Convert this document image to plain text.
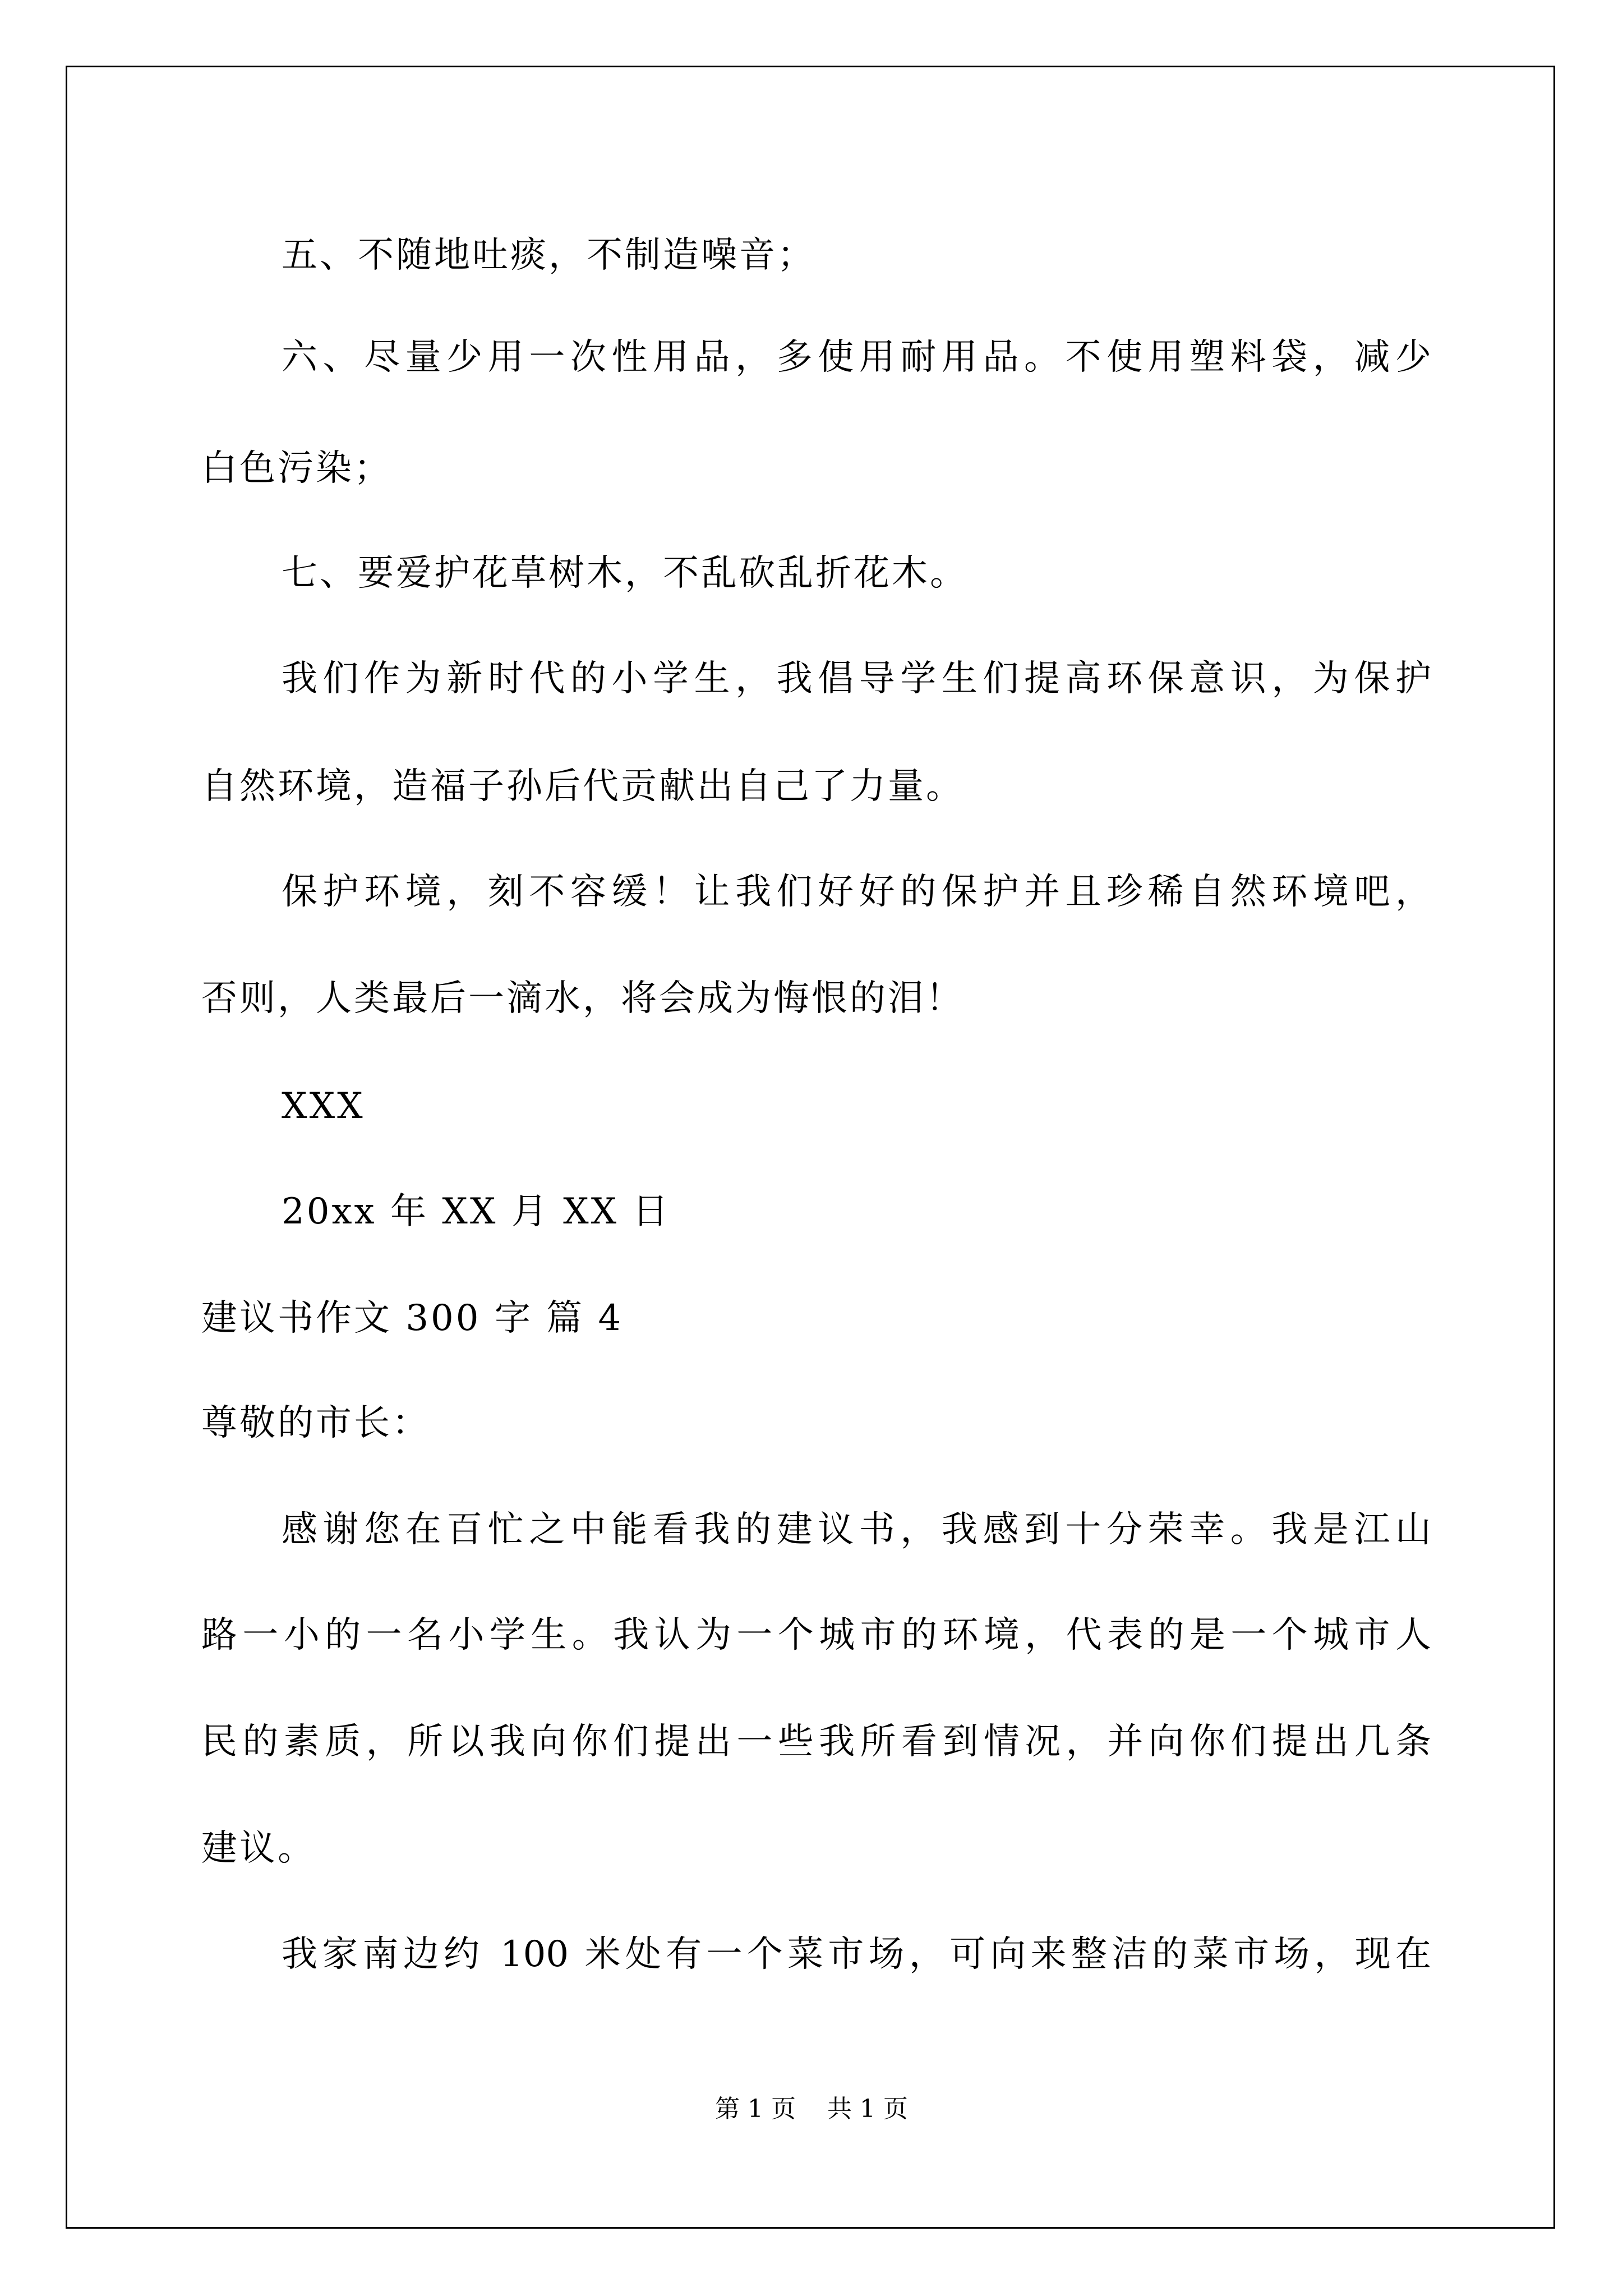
五、不随地吐痰，不制造噪音；
六、尽量少用一次性用品，多使用耐用品。不使用塑料袋，减少
白色污染；
七、要爱护花草树木，不乱砍乱折花木。
我们作为新时代的小学生，我倡导学生们提高环保意识，为保护
自然环境，造福子孙后代贡献出自己了力量。
保护环境，刻不容缓！让我们好好的保护并且珍稀自然环境吧，
否则，人类最后一滴水，将会成为悔恨的泪！
XXX
20xx 年 XX 月 XX 日
建议书作文 300 字 篇 4
尊敬的市长：
感谢您在百忙之中能看我的建议书，我感到十分荣幸。我是江山
路一小的一名小学生。我认为一个城市的环境，代表的是一个城市人
民的素质，所以我向你们提出一些我所看到情况，并向你们提出几条
建议。
我家南边约 100 米处有一个菜市场，可向来整洁的菜市场，现在
第 1 页    共 1 页
